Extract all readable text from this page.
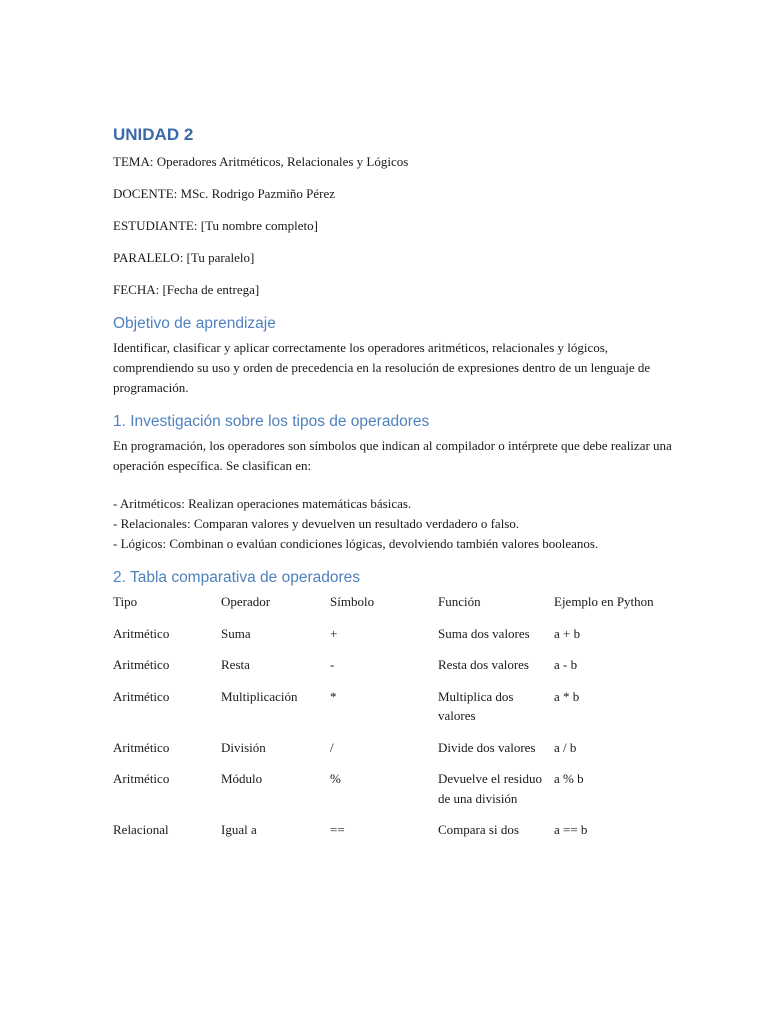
UNIDAD 2

TEMA: Operadores Aritméticos, Relacionales y Lógicos

DOCENTE: MSc. Rodrigo Pazmiño Pérez

ESTUDIANTE: [Tu nombre completo]

PARALELO: [Tu paralelo]

FECHA: [Fecha de entrega]

Objetivo de aprendizaje

Identificar, clasificar y aplicar correctamente los operadores aritméticos, relacionales y lógicos, comprendiendo su uso y orden de precedencia en la resolución de expresiones dentro de un lenguaje de programación.

1. Investigación sobre los tipos de operadores

En programación, los operadores son símbolos que indican al compilador o intérprete que debe realizar una operación específica. Se clasifican en:

- Aritméticos: Realizan operaciones matemáticas básicas.

- Relacionales: Comparan valores y devuelven un resultado verdadero o falso.

- Lógicos: Combinan o evalúan condiciones lógicas, devolviendo también valores booleanos.

2. Tabla comparativa de operadores
Tipo	Operador	Símbolo	Función	Ejemplo en Python
Aritmético	Suma	+	Suma dos valores	a + b
Aritmético	Resta	-	Resta dos valores	a - b
Aritmético	Multiplicación	*	Multiplica dos valores	a * b
Aritmético	División	/	Divide dos valores	a / b
Aritmético	Módulo	%	Devuelve el residuo de una división	a % b
Relacional	Igual a	==	Compara si dos	a == b
